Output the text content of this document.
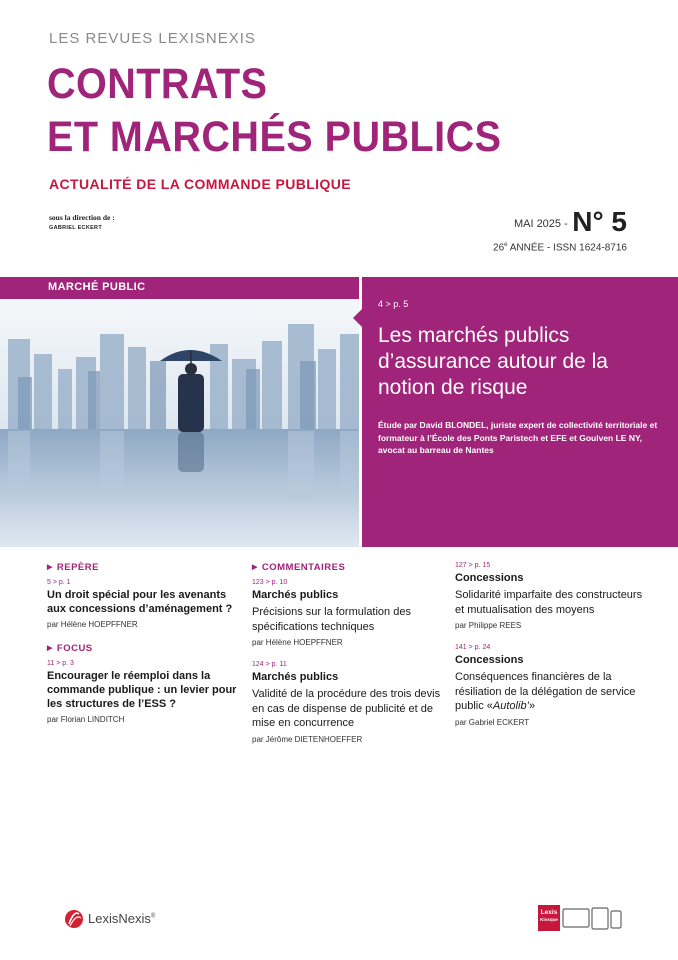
LES REVUES LEXISNEXIS
CONTRATS
ET MARCHÉS PUBLICS
ACTUALITÉ DE LA COMMANDE PUBLIQUE
sous la direction de :
GABRIEL ECKERT	$^{MAI 2025 -}$ N° 5
26e ANNÉE - ISSN 1624-8716
MARCHÉ PUBLIC
4 > p. 5
Les marchés publics d’assurance autour de la notion de risque
Étude par David BLONDEL, juriste expert de collectivité territoriale et formateur à l’École des Ponts Paristech et EFE et Goulven LE NY, avocat au barreau de Nantes
▶ REPÈRE
5 > p. 1
Un droit spécial pour les avenants aux concessions d’aménagement ?
par Hélène HOEPFFNER
▶ FOCUS
11 > p. 3
Encourager le réemploi dans la commande publique : un levier pour les structures de l’ESS ?
par Florian LINDITCH
▶ COMMENTAIRES
123 > p. 10
Marchés publics
Précisions sur la formulation des spécifications techniques
par Hélène HOEPFFNER
124 > p. 11
Marchés publics
Validité de la procédure des trois devis en cas de dispense de publicité et de mise en concurrence
par Jérôme DIETENHOEFFER
127 > p. 15
Concessions
Solidarité imparfaite des constructeurs et mutualisation des moyens
par Philippe REES
141 > p. 24
Concessions
Conséquences financières de la résiliation de la délégation de service public «Autolib’»
par Gabriel ECKERT
LexisNexis®
Lexis
Kiosque
